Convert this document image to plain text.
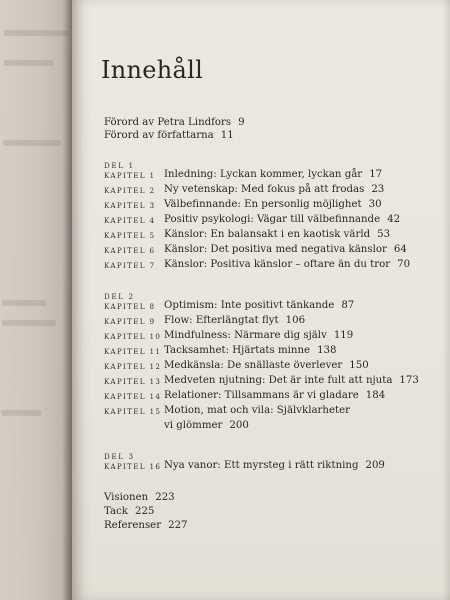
Innehåll
Förord av Petra Lindfors 9
Förord av författarna 11
DEL 1
KAPITEL 1 Inledning: Lyckan kommer, lyckan går 17
KAPITEL 2 Ny vetenskap: Med fokus på att frodas 23
KAPITEL 3 Välbefinnande: En personlig möjlighet 30
KAPITEL 4 Positiv psykologi: Vägar till välbefinnande 42
KAPITEL 5 Känslor: En balansakt i en kaotisk värld 53
KAPITEL 6 Känslor: Det positiva med negativa känslor 64
KAPITEL 7 Känslor: Positiva känslor – oftare än du tror 70
DEL 2
KAPITEL 8 Optimism: Inte positivt tänkande 87
KAPITEL 9 Flow: Efterlängtat flyt 106
KAPITEL 10 Mindfulness: Närmare dig själv 119
KAPITEL 11 Tacksamhet: Hjärtats minne 138
KAPITEL 12 Medkänsla: De snällaste överlever 150
KAPITEL 13 Medveten njutning: Det är inte fult att njuta 173
KAPITEL 14 Relationer: Tillsammans är vi gladare 184
KAPITEL 15 Motion, mat och vila: Självklarheter
vi glömmer 200
DEL 3
KAPITEL 16 Nya vanor: Ett myrsteg i rätt riktning 209
Visionen 223
Tack 225
Referenser 227
